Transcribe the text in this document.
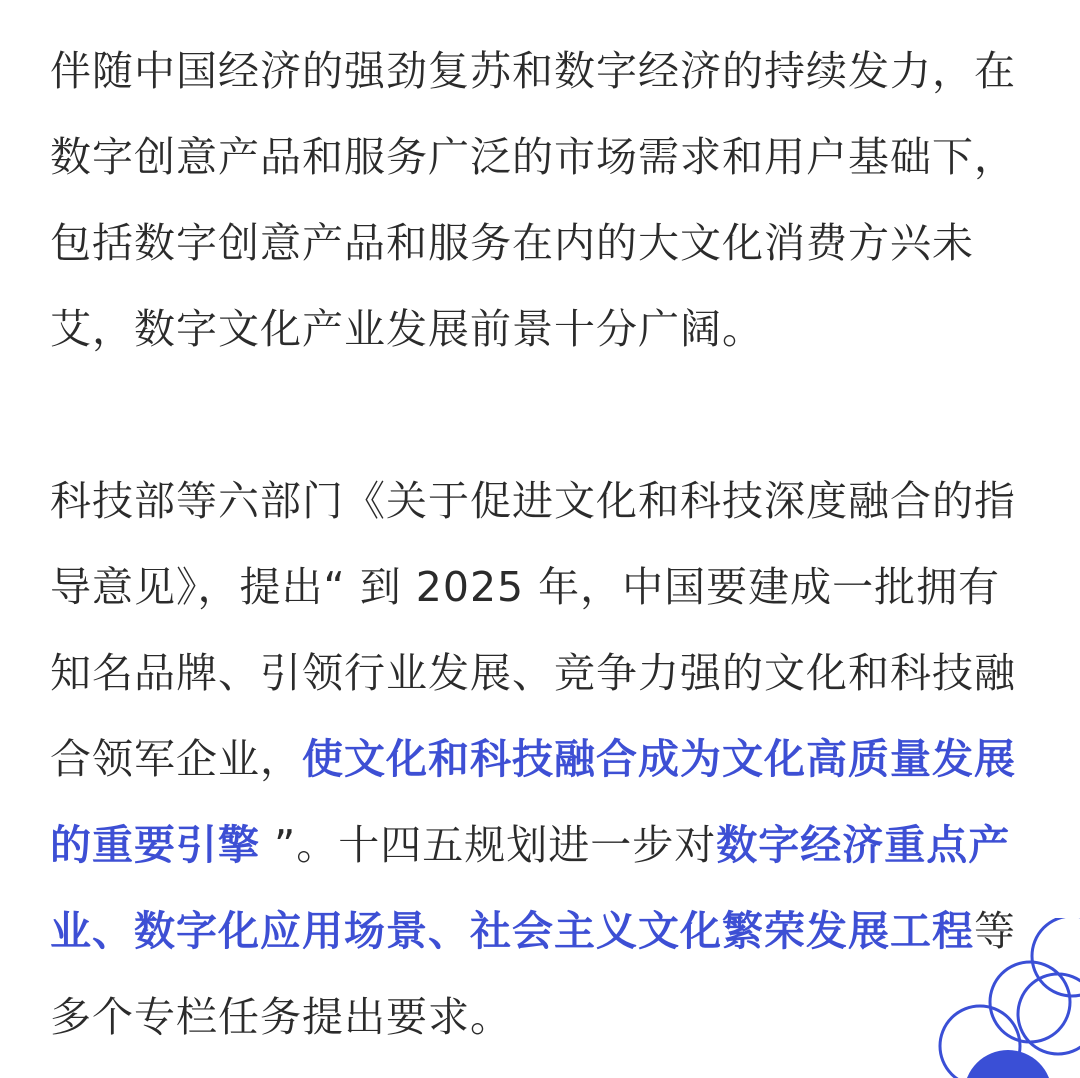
伴随中国经济的强劲复苏和数字经济的持续发力，在数字创意产品和服务广泛的市场需求和用户基础下，包括数字创意产品和服务在内的大文化消费方兴未艾，数字文化产业发展前景十分广阔。

科技部等六部门《关于促进文化和科技深度融合的指导意见》，提出“ 到 2025 年，中国要建成一批拥有知名品牌、引领行业发展、竞争力强的文化和科技融合领军企业，使文化和科技融合成为文化高质量发展的重要引擎 ”。十四五规划进一步对数字经济重点产业、数字化应用场景、社会主义文化繁荣发展工程等多个专栏任务提出要求。
